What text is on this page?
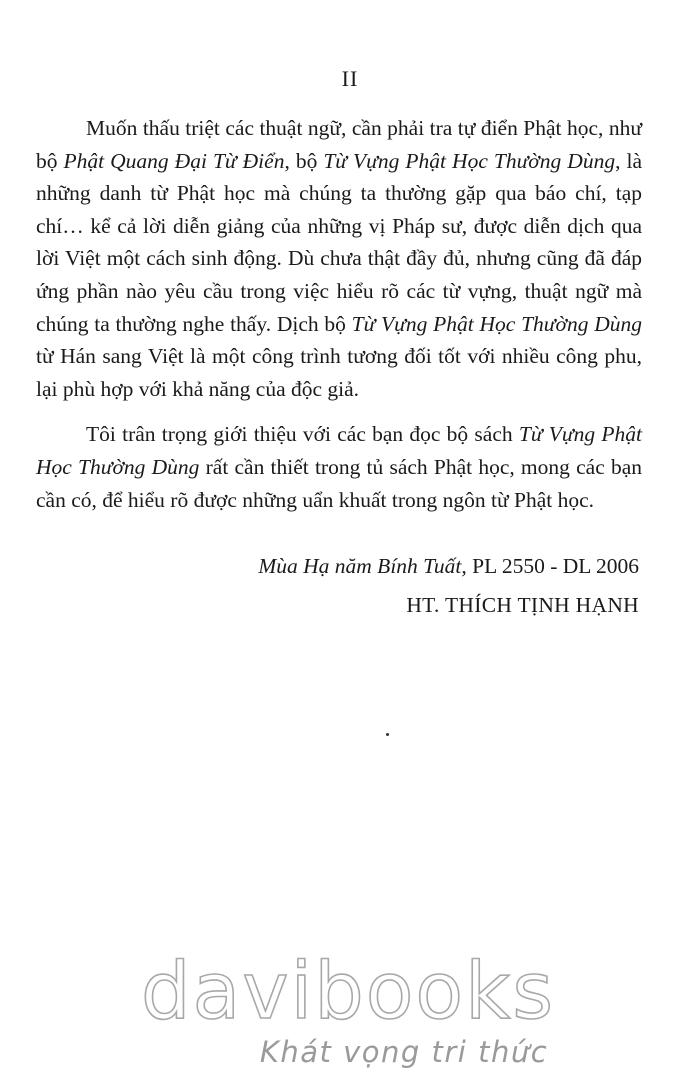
II

Muốn thấu triệt các thuật ngữ, cần phải tra tự điển Phật học, như bộ Phật Quang Đại Từ Điển, bộ Từ Vựng Phật Học Thường Dùng, là những danh từ Phật học mà chúng ta thường gặp qua báo chí, tạp chí… kể cả lời diễn giảng của những vị Pháp sư, được diễn dịch qua lời Việt một cách sinh động. Dù chưa thật đầy đủ, nhưng cũng đã đáp ứng phần nào yêu cầu trong việc hiểu rõ các từ vựng, thuật ngữ mà chúng ta thường nghe thấy. Dịch bộ Từ Vựng Phật Học Thường Dùng từ Hán sang Việt là một công trình tương đối tốt với nhiều công phu, lại phù hợp với khả năng của độc giả.

Tôi trân trọng giới thiệu với các bạn đọc bộ sách Từ Vựng Phật Học Thường Dùng rất cần thiết trong tủ sách Phật học, mong các bạn cần có, để hiểu rõ được những uẩn khuất trong ngôn từ Phật học.

Mùa Hạ năm Bính Tuất, PL 2550 - DL 2006
HT. THÍCH TỊNH HẠNH
davibooks
Khát vọng tri thức
